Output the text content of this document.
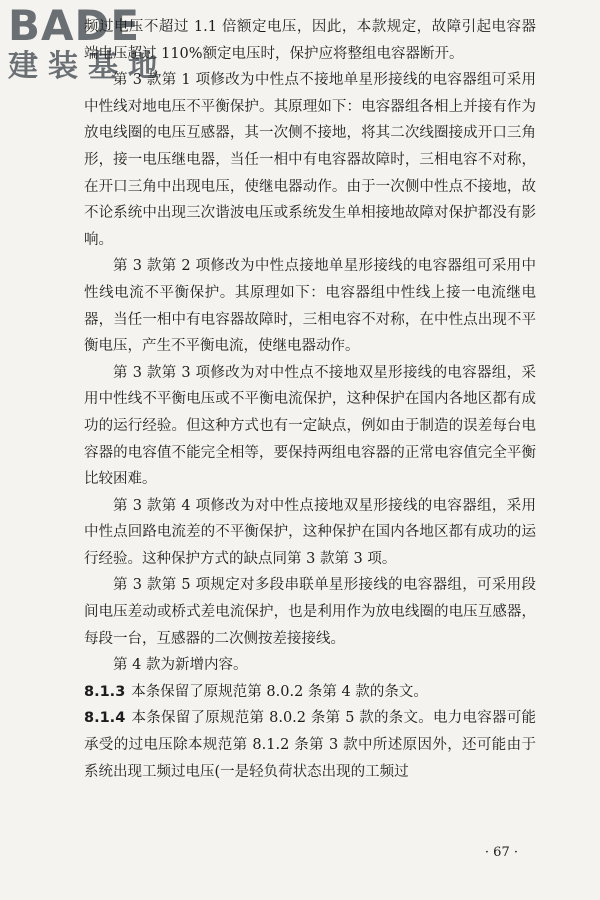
BADE
建装基地

频过电压不超过 1.1 倍额定电压，因此，本款规定，故障引起电容器端电压超过 110%额定电压时，保护应将整组电容器断开。

第 3 款第 1 项修改为中性点不接地单星形接线的电容器组可采用中性线对地电压不平衡保护。其原理如下：电容器组各相上并接有作为放电线圈的电压互感器，其一次侧不接地，将其二次线圈接成开口三角形，接一电压继电器，当任一相中有电容器故障时，三相电容不对称，在开口三角中出现电压，使继电器动作。由于一次侧中性点不接地，故不论系统中出现三次谐波电压或系统发生单相接地故障对保护都没有影响。

第 3 款第 2 项修改为中性点接地单星形接线的电容器组可采用中性线电流不平衡保护。其原理如下：电容器组中性线上接一电流继电器，当任一相中有电容器故障时，三相电容不对称，在中性点出现不平衡电压，产生不平衡电流，使继电器动作。

第 3 款第 3 项修改为对中性点不接地双星形接线的电容器组，采用中性线不平衡电压或不平衡电流保护，这种保护在国内各地区都有成功的运行经验。但这种方式也有一定缺点，例如由于制造的误差每台电容器的电容值不能完全相等，要保持两组电容器的正常电容值完全平衡比较困难。

第 3 款第 4 项修改为对中性点接地双星形接线的电容器组，采用中性点回路电流差的不平衡保护，这种保护在国内各地区都有成功的运行经验。这种保护方式的缺点同第 3 款第 3 项。

第 3 款第 5 项规定对多段串联单星形接线的电容器组，可采用段间电压差动或桥式差电流保护，也是利用作为放电线圈的电压互感器，每段一台，互感器的二次侧按差接接线。

第 4 款为新增内容。

8.1.3 本条保留了原规范第 8.0.2 条第 4 款的条文。

8.1.4 本条保留了原规范第 8.0.2 条第 5 款的条文。电力电容器可能承受的过电压除本规范第 8.1.2 条第 3 款中所述原因外，还可能由于系统出现工频过电压(一是轻负荷状态出现的工频过

· 67 ·
